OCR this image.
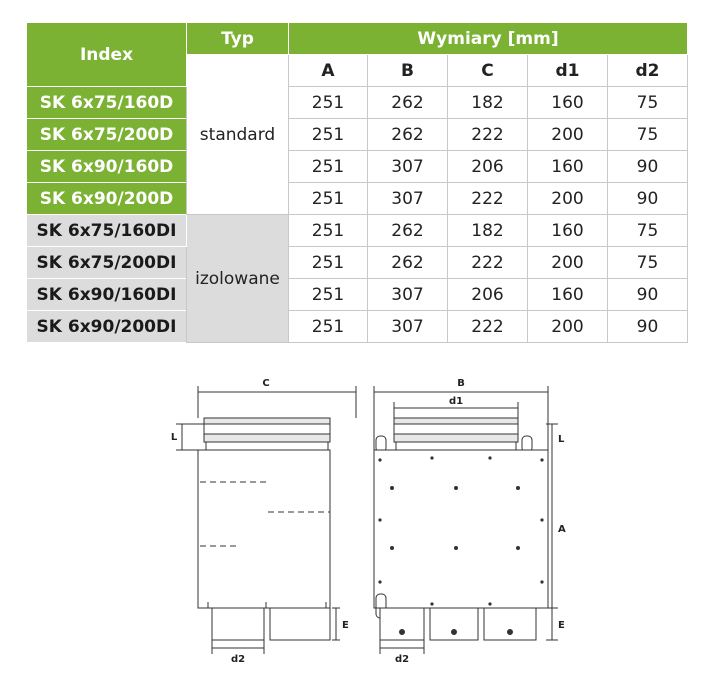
Index	Typ	Wymiary [mm]				
	standard	A	B	C	d1	d2
SK 6x75/160D		251	262	182	160	75
SK 6x75/200D		251	262	222	200	75
SK 6x90/160D		251	307	206	160	90
SK 6x90/200D		251	307	222	200	90
SK 6x75/160DI	izolowane	251	262	182	160	75
SK 6x75/200DI		251	262	222	200	75
SK 6x90/160DI		251	307	206	160	90
SK 6x90/200DI		251	307	222	200	90
C
L
E
d2
B
d1
L
A
E
d2
